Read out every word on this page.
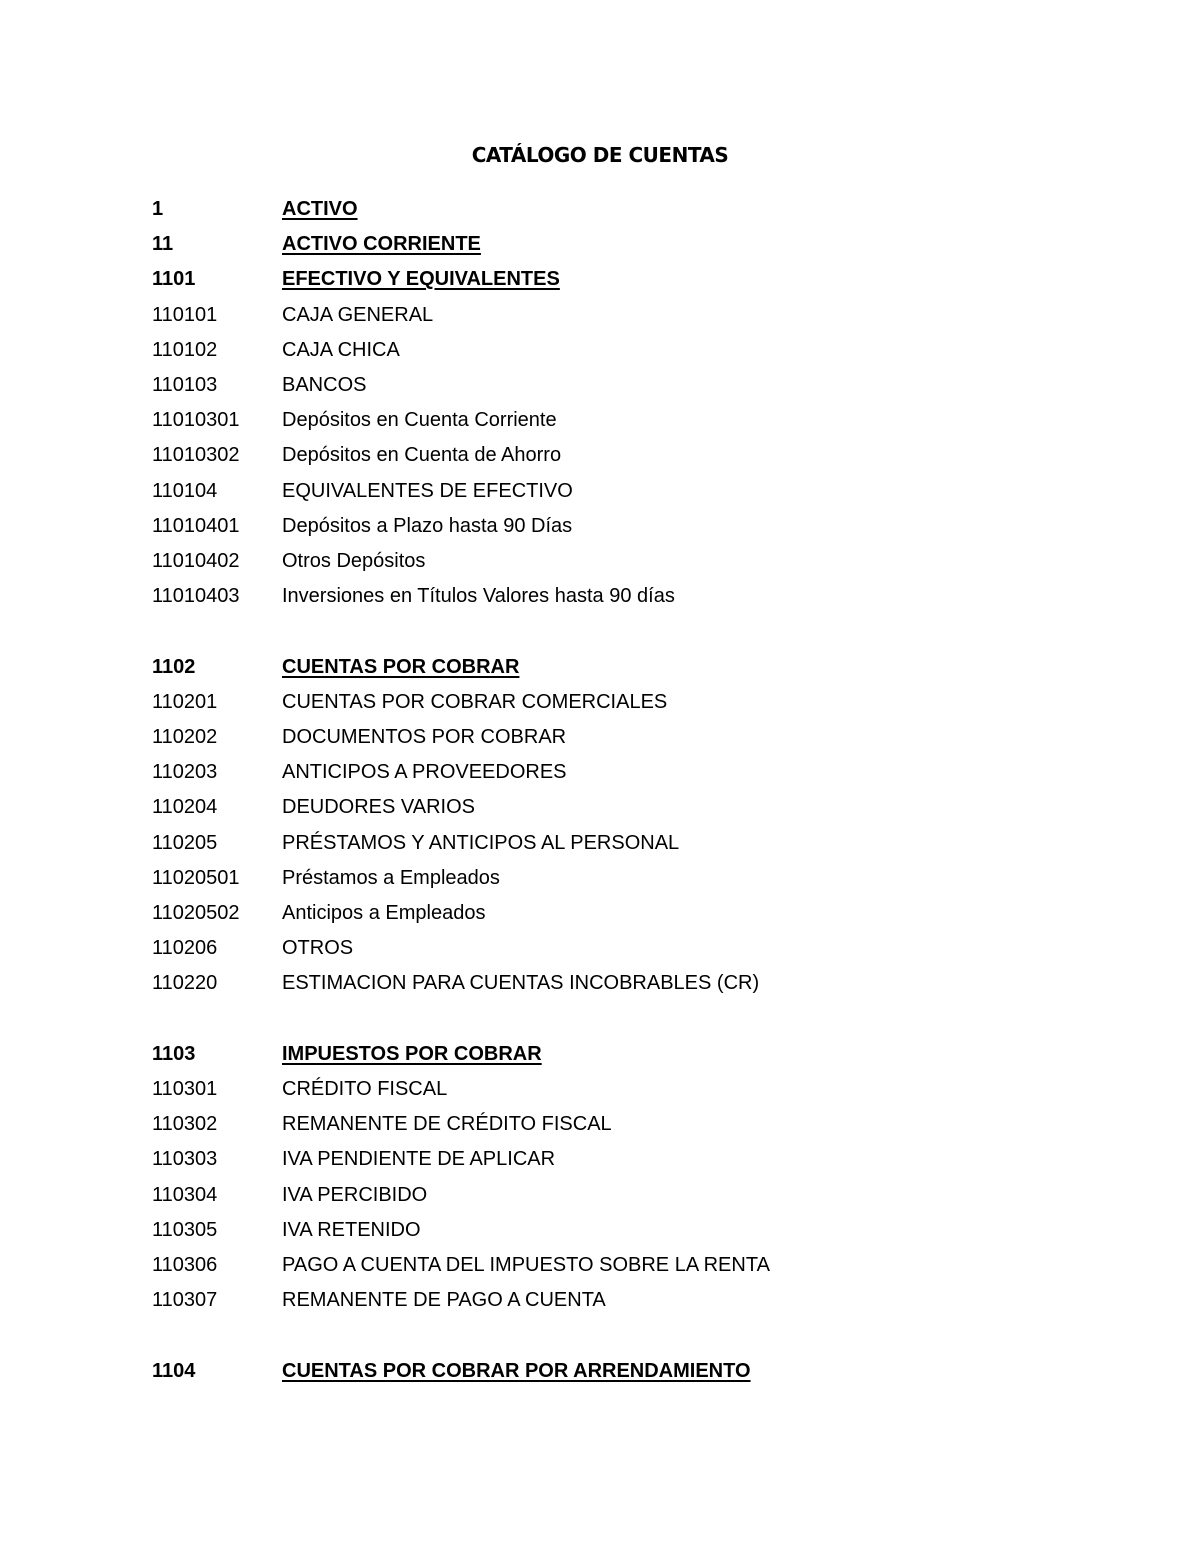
CATÁLOGO DE CUENTAS
1	ACTIVO
11	ACTIVO CORRIENTE
1101	EFECTIVO Y EQUIVALENTES
110101	CAJA GENERAL
110102	CAJA CHICA
110103	BANCOS
11010301 Depósitos en Cuenta Corriente
11010302 Depósitos en Cuenta de Ahorro
110104	EQUIVALENTES DE EFECTIVO
11010401 Depósitos a Plazo hasta 90 Días
11010402 Otros Depósitos
11010403 Inversiones en Títulos Valores hasta 90 días
1102	CUENTAS POR COBRAR
110201	CUENTAS POR COBRAR COMERCIALES
110202	DOCUMENTOS POR COBRAR
110203	ANTICIPOS A PROVEEDORES
110204	DEUDORES VARIOS
110205	PRÉSTAMOS Y ANTICIPOS AL PERSONAL
11020501 Préstamos a Empleados
11020502 Anticipos a Empleados
110206	OTROS
110220	ESTIMACION PARA CUENTAS INCOBRABLES (CR)
1103	IMPUESTOS POR COBRAR
110301	CRÉDITO FISCAL
110302	REMANENTE DE CRÉDITO FISCAL
110303	IVA PENDIENTE DE APLICAR
110304	IVA PERCIBIDO
110305	IVA RETENIDO
110306	PAGO A CUENTA DEL IMPUESTO SOBRE LA RENTA
110307	REMANENTE DE PAGO A CUENTA
1104	CUENTAS POR COBRAR POR ARRENDAMIENTO
